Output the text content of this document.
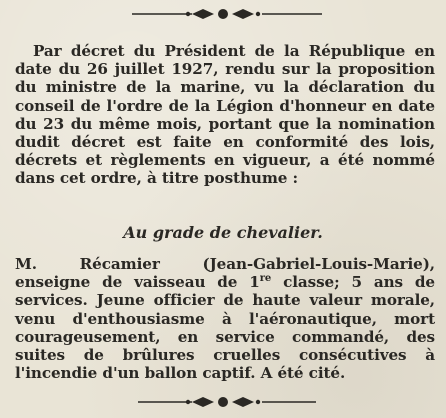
Par décret du Président de la République en date du 26 juillet 1927, rendu sur la proposition du ministre de la marine, vu la déclaration du conseil de l'ordre de la Légion d'honneur en date du 23 du même mois, portant que la nomination dudit décret est faite en conformité des lois, décrets et règlements en vigueur, a été nommé dans cet ordre, à titre posthume :

Au grade de chevalier.

M. Récamier (Jean-Gabriel-Louis-Marie), enseigne de vaisseau de 1re classe; 5 ans de services. Jeune officier de haute valeur morale, venu d'enthousiasme à l'aéronautique, mort courageusement, en service commandé, des suites de brûlures cruelles consécutives à l'incendie d'un ballon captif. A été cité.
